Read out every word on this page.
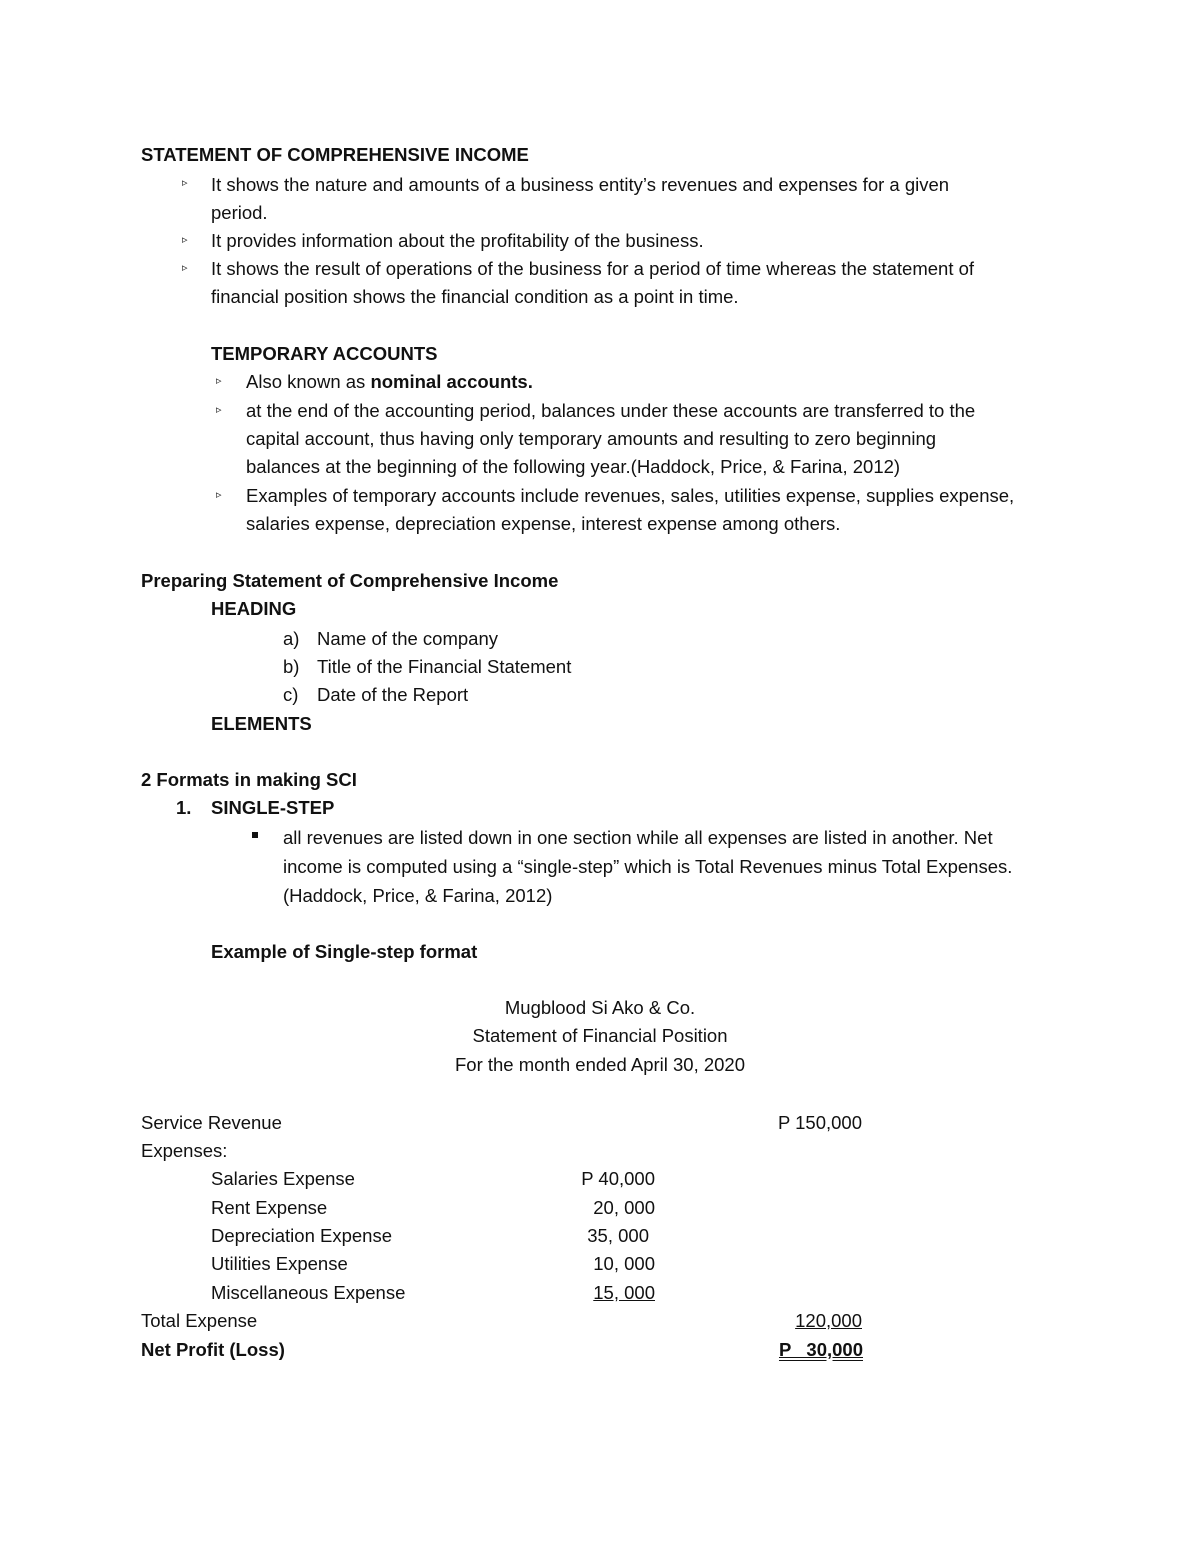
STATEMENT OF COMPREHENSIVE INCOME
▹ It shows the nature and amounts of a business entity’s revenues and expenses for a given
period.
▹ It provides information about the profitability of the business.
▹ It shows the result of operations of the business for a period of time whereas the statement of
financial position shows the financial condition as a point in time.
TEMPORARY ACCOUNTS
▹ Also known as nominal accounts.
▹ at the end of the accounting period, balances under these accounts are transferred to the
capital account, thus having only temporary amounts and resulting to zero beginning
balances at the beginning of the following year.(Haddock, Price, & Farina, 2012)
▹ Examples of temporary accounts include revenues, sales, utilities expense, supplies expense,
salaries expense, depreciation expense, interest expense among others.
Preparing Statement of Comprehensive Income
HEADING
a) Name of the company
b) Title of the Financial Statement
c) Date of the Report
ELEMENTS
2 Formats in making SCI
1. SINGLE-STEP
all revenues are listed down in one section while all expenses are listed in another. Net
income is computed using a “single-step” which is Total Revenues minus Total Expenses.
(Haddock, Price, & Farina, 2012)
Example of Single-step format
Mugblood Si Ako & Co.
Statement of Financial Position
For the month ended April 30, 2020
Service Revenue	P 150,000
Expenses:
Salaries Expense	P 40,000
Rent Expense	20, 000
Depreciation Expense	35, 000
Utilities Expense	10, 000
Miscellaneous Expense	15, 000
Total Expense	120,000
Net Profit (Loss)	P   30,000
